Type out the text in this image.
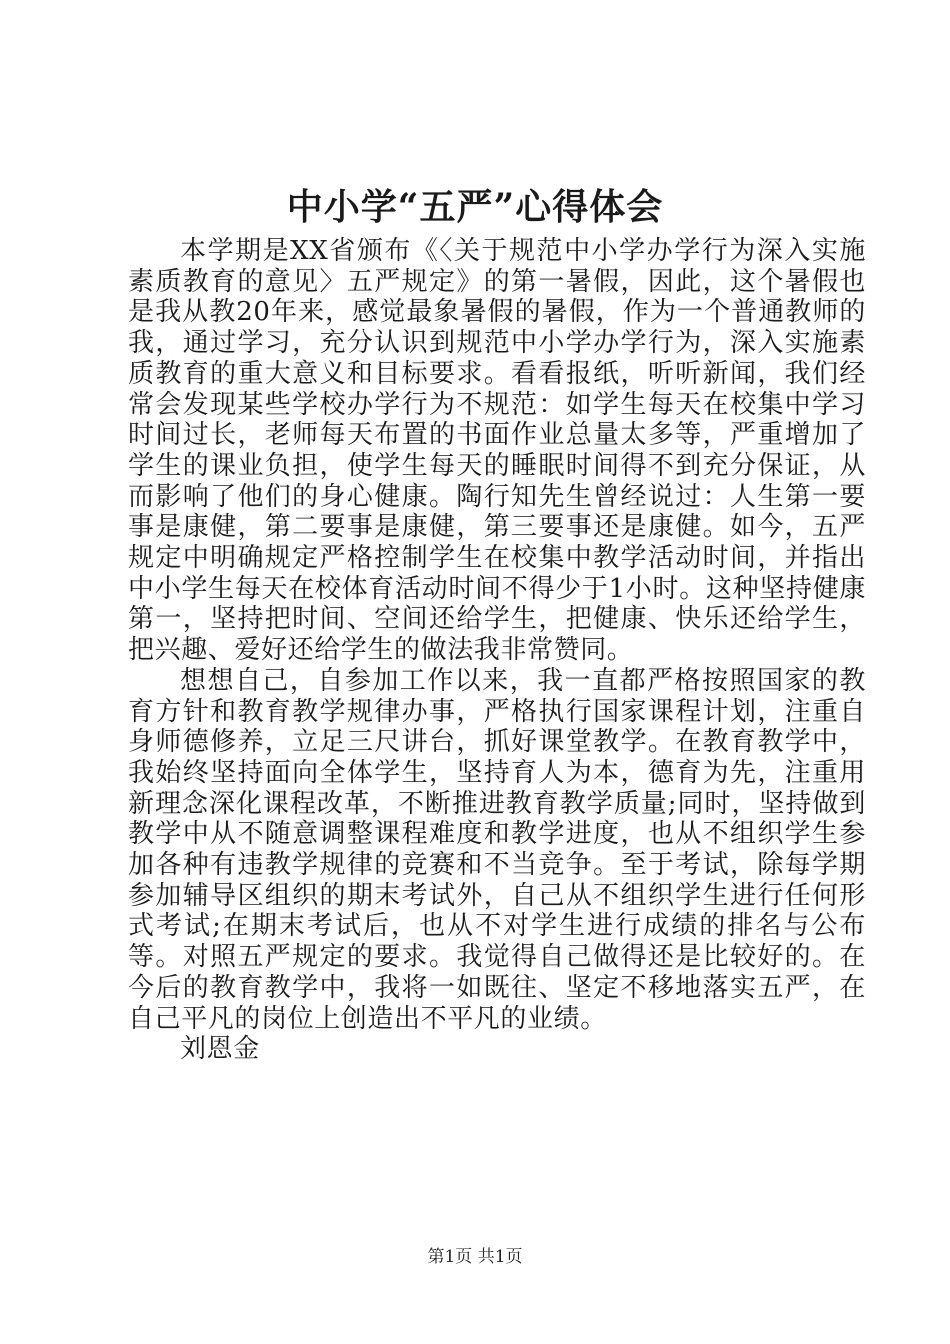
中小学“五严”心得体会

本学期是XX省颁布《〈关于规范中小学办学行为深入实施素质教育的意见〉五严规定》的第一暑假，因此，这个暑假也是我从教20年来，感觉最象暑假的暑假，作为一个普通教师的我，通过学习，充分认识到规范中小学办学行为，深入实施素质教育的重大意义和目标要求。看看报纸，听听新闻，我们经常会发现某些学校办学行为不规范：如学生每天在校集中学习时间过长，老师每天布置的书面作业总量太多等，严重增加了学生的课业负担，使学生每天的睡眠时间得不到充分保证，从而影响了他们的身心健康。陶行知先生曾经说过：人生第一要事是康健，第二要事是康健，第三要事还是康健。如今，五严规定中明确规定严格控制学生在校集中教学活动时间，并指出中小学生每天在校体育活动时间不得少于1小时。这种坚持健康第一，坚持把时间、空间还给学生，把健康、快乐还给学生，把兴趣、爱好还给学生的做法我非常赞同。

想想自己，自参加工作以来，我一直都严格按照国家的教育方针和教育教学规律办事，严格执行国家课程计划，注重自身师德修养，立足三尺讲台，抓好课堂教学。在教育教学中，我始终坚持面向全体学生，坚持育人为本，德育为先，注重用新理念深化课程改革，不断推进教育教学质量;同时，坚持做到教学中从不随意调整课程难度和教学进度，也从不组织学生参加各种有违教学规律的竞赛和不当竞争。至于考试，除每学期参加辅导区组织的期末考试外，自己从不组织学生进行任何形式考试;在期末考试后，也从不对学生进行成绩的排名与公布等。对照五严规定的要求。我觉得自己做得还是比较好的。在今后的教育教学中，我将一如既往、坚定不移地落实五严，在自己平凡的岗位上创造出不平凡的业绩。

刘恩金

第1页 共1页
